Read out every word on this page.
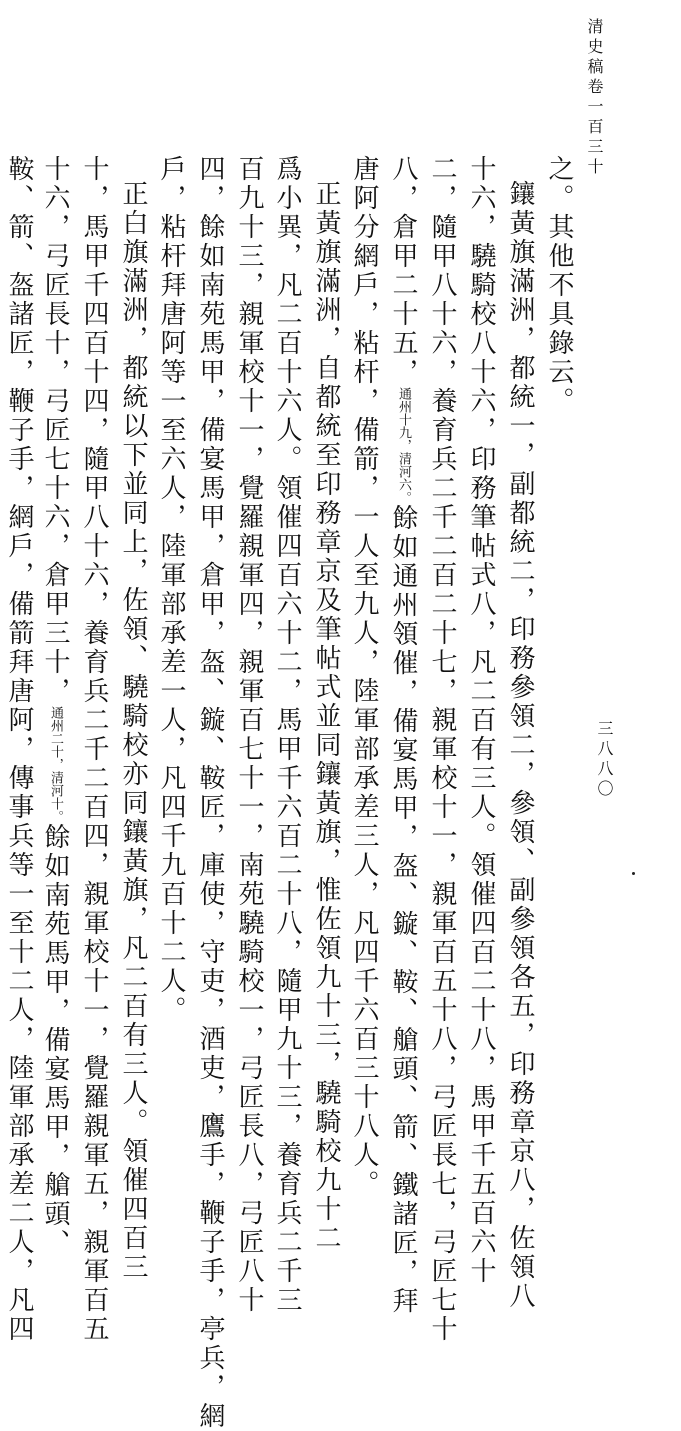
清史稿卷一百三十
三八八〇
之。其他不具錄云。
鑲黃旗滿洲，都統一，副都統二，印務參領二，參領、副參領各五，印務章京八，佐領八
十六，驍騎校八十六，印務筆帖式八，凡二百有三人。領催四百二十八，馬甲千五百六十
二，隨甲八十六，養育兵二千二百二十七，親軍校十一，親軍百五十八，弓匠長七，弓匠七十
八，倉甲二十五，通州十九，清河六。餘如通州領催，備宴馬甲，盔、鏇、鞍、艙頭、箭、鐵諸匠，拜
唐阿分網戶，粘杆，備箭，一人至九人，陸軍部承差三人，凡四千六百三十八人。
正黃旗滿洲，自都統至印務章京及筆帖式並同鑲黃旗，惟佐領九十三，驍騎校九十二
爲小異，凡二百十六人。領催四百六十二，馬甲千六百二十八，隨甲九十三，養育兵二千三
百九十三，親軍校十一，覺羅親軍四，親軍百七十一，南苑驍騎校一，弓匠長八，弓匠八十
四，餘如南苑馬甲，備宴馬甲，倉甲，盔、鏇、鞍匠，庫使，守吏，酒吏，鷹手，鞭子手，亭兵，網
戶，粘杆拜唐阿等一至六人，陸軍部承差一人，凡四千九百十二人。
正白旗滿洲，都統以下並同上，佐領、驍騎校亦同鑲黃旗，凡二百有三人。領催四百三
十，馬甲千四百十四，隨甲八十六，養育兵二千二百四，親軍校十一，覺羅親軍五，親軍百五
十六，弓匠長十，弓匠七十六，倉甲三十，通州二十，清河十。餘如南苑馬甲，備宴馬甲，艙頭、
鞍、箭、盔諸匠，鞭子手，網戶，備箭拜唐阿，傳事兵等一至十二人，陸軍部承差二人，凡四
